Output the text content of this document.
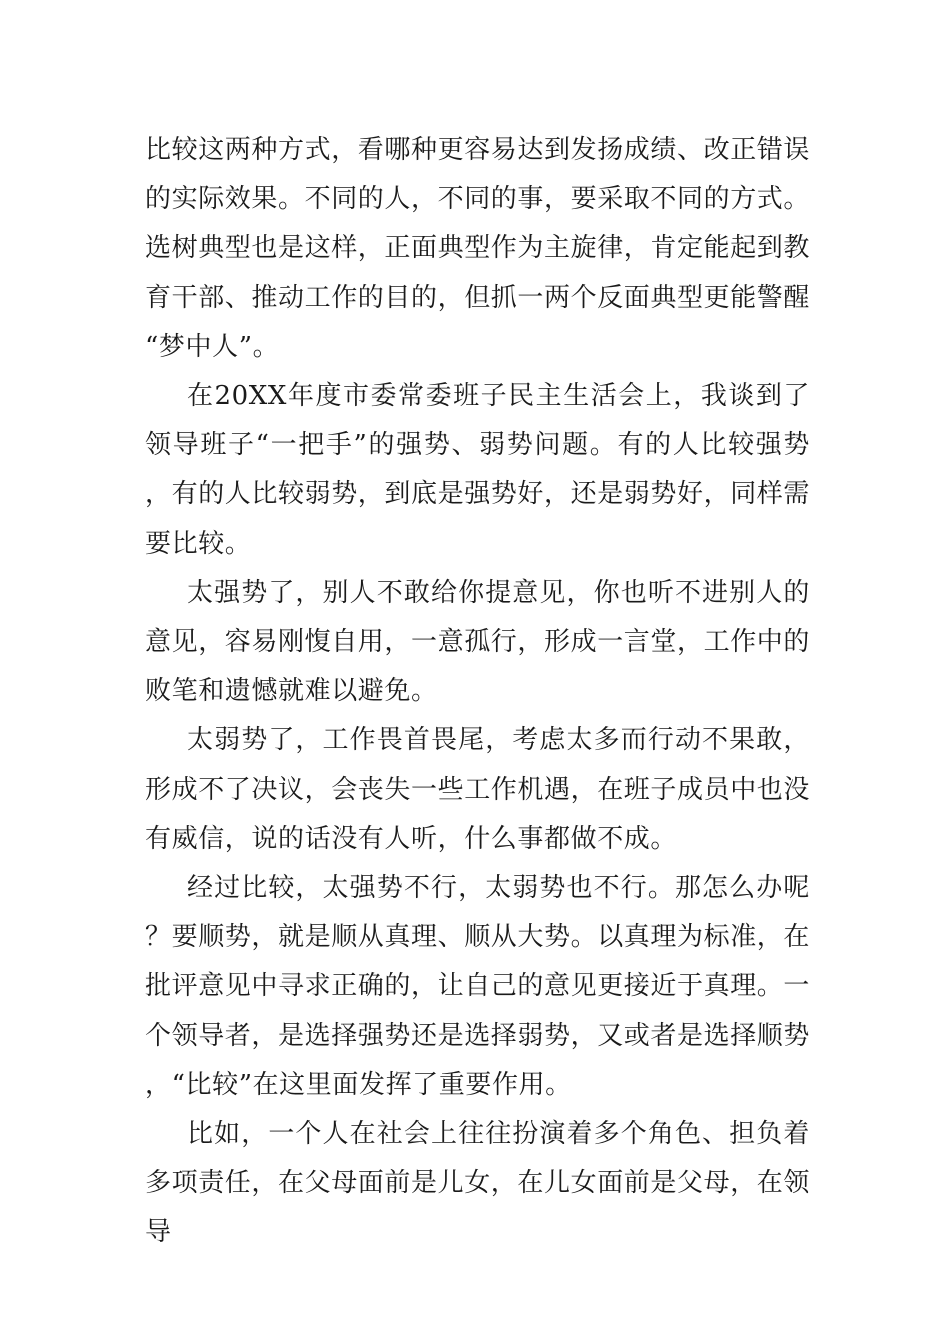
比较这两种方式，看哪种更容易达到发扬成绩、改正错误的实际效果。不同的人，不同的事，要采取不同的方式。选树典型也是这样，正面典型作为主旋律，肯定能起到教育干部、推动工作的目的，但抓一两个反面典型更能警醒“梦中人”。

在20XX年度市委常委班子民主生活会上，我谈到了领导班子“一把手”的强势、弱势问题。有的人比较强势，有的人比较弱势，到底是强势好，还是弱势好，同样需要比较。

太强势了，别人不敢给你提意见，你也听不进别人的意见，容易刚愎自用，一意孤行，形成一言堂，工作中的败笔和遗憾就难以避免。

太弱势了，工作畏首畏尾，考虑太多而行动不果敢，形成不了决议，会丧失一些工作机遇，在班子成员中也没有威信，说的话没有人听，什么事都做不成。

经过比较，太强势不行，太弱势也不行。那怎么办呢？要顺势，就是顺从真理、顺从大势。以真理为标准，在批评意见中寻求正确的，让自己的意见更接近于真理。一个领导者，是选择强势还是选择弱势，又或者是选择顺势，“比较”在这里面发挥了重要作用。

比如，一个人在社会上往往扮演着多个角色、担负着多项责任，在父母面前是儿女，在儿女面前是父母，在领导
